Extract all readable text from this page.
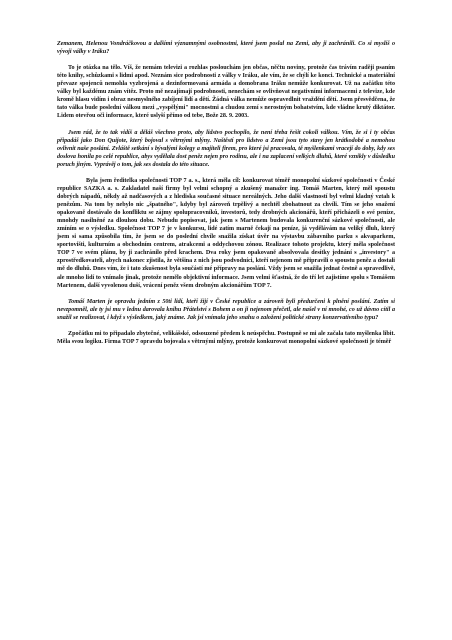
Zemanem, Helenou Vondráčkovou a dalšími významnými osobnostmi, které jsem poslal na Zemi, aby ji zachránili. Co si myslíš o vývoji války v Iráku?

To je otázka na tělo. Víš, že nemám televizi a rozhlas poslouchám jen občas, něčtu noviny, protože čas trávím raději psaním této knihy, schůzkami s lidmi apod. Neznám sice podrobnosti z války v Iráku, ale vím, že se chýlí ke konci. Technické a materiální převaze spojenců nemohla vyzbrojená a dezinformovaná armáda a domobrana Iráku nemůže konkurovat. Už na začátku této války byl každému znám vítěz. Proto mě nezajímají podrobnosti, nenechám se ovlivňovat negativními informacemi z televize, kde kromě hlasu vidím i obraz nesmyslného zabíjení lidí a dětí. Žádná válka nemůže ospravedlnit vraždění dětí. Jsem přesvědčena, že tato válka bude poslední válkou mezi „vyspělými" mocnostmi a chudou zemí s nerostným bohatstvím, kde vládne krutý diktátor. Lidem otevřou oči informace, které uslyší přímo od tebe, Bože 28. 9. 2003.

Jsem rád, že to tak vidíš a děláš všechno proto, aby lidstvo pochopilo, že není třeba řešit cokoli válkou. Vím, že si i ty občas připadáš jako Don Quijote, který bojoval s větrnými mlýny. Naštěstí pro lidstvo a Zemi jsou tyto stavy jen krátkodobé a nemohou ovlivnit naše poslání. Zvláště setkání s bývalými kolegy a majiteli firem, pro které jsi pracovala, tě myšlenkami vracejí do doby, kdy ses doslova honila po celé republice, abys vydělala dost peněz nejen pro rodinu, ale i na zaplacení velkých dluhů, které vznikly v důsledku poruch jiným. Vyprávěj o tom, jak ses dostala do této situace.

Byla jsem ředitelka společnosti TOP 7 a. s., která měla cíl: konkurovat téměř monopolní sázkové společnosti v České republice SAZKA a. s. Zakladatel naší firmy byl velmi schopný a zkušený manažer ing. Tomáš Marten, který měl spoustu dobrých nápadů, někdy až nadčasových a z hlediska současné situace nereálných. Jeho další vlastností byl velmi kladný vztah k penězům. Na tom by nebylo nic „špatného", kdyby byl zároveň trpělivý a nechtěl zbohatnout za chvíli. Tím se jeho snažení opakovaně dostávalo do konfliktu se zájmy spolupracovníků, investorů, tedy drobných akcionářů, kteří přicházeli o své peníze, mnohdy nasilněné za dlouhou dobu. Nebudu popisovat, jak jsem s Martenem budovala konkurenční sázkové společnosti, ale zmíním se o výsledku. Společnost TOP 7 je v konkursu, lidé zatím marně čekají na peníze, já vydělávám na veliký dluh, který jsem si sama způsobila tím, že jsem se do poslední chvíle snažila získat úvěr na výstavbu zábavního parku s akvaparkem, sportovišti, kulturním a obchodním centrem, atrakcemi a oddychovou zónou. Realizace tohoto projektu, který měla společnost TOP 7 ve svém plánu, by ji zachránilo před krachem. Dva roky jsem opakovaně absolvovala desítky jednání s „investory" a zprostředkovateli, abych nakonec zjistila, že většina z nich jsou podvodníci, kteří nejenom mě připravili o spoustu peněz a dostali mě do dluhů. Dnes vím, že i tato zkušenost byla součástí mé přípravy na poslání. Vždy jsem se snažila jednat čestně a spravedlivě, ale mnoho lidí to vnímalo jinak, protože nemělo objektivní informace. Jsem velmi šťastná, že do tří let zajistíme spolu s Tomášem Martenem, další vyvolenou duší, vrácení peněz všem drobným akcionářům TOP 7.

Tomáš Marten je opravdu jedním z 50ti lidí, kteří žijí v České republice a zároveň byli předurčeni k plnění poslání. Zatím si nevzpomněl, ale ty jsi mu v lednu darovala knihu Přátelství s Bohem a on ji nejenom přečetl, ale našel v ní mnohé, co už dávno cítil a snažil se realizovat, i když s výsledkem, jaký známe. Jak jsi vnímala jeho snahu o založení politické strany konzervativního typu?

Zpočátku mi to připadalo zbytečné, velikášské, odsouzené předem k neúspěchu. Postupně se mi ale začala tato myšlenka líbit. Měla svou logiku. Firma TOP 7 opravdu bojovala s větrnými mlýny, protože konkurovat monopolní sázkové společnosti je téměř
